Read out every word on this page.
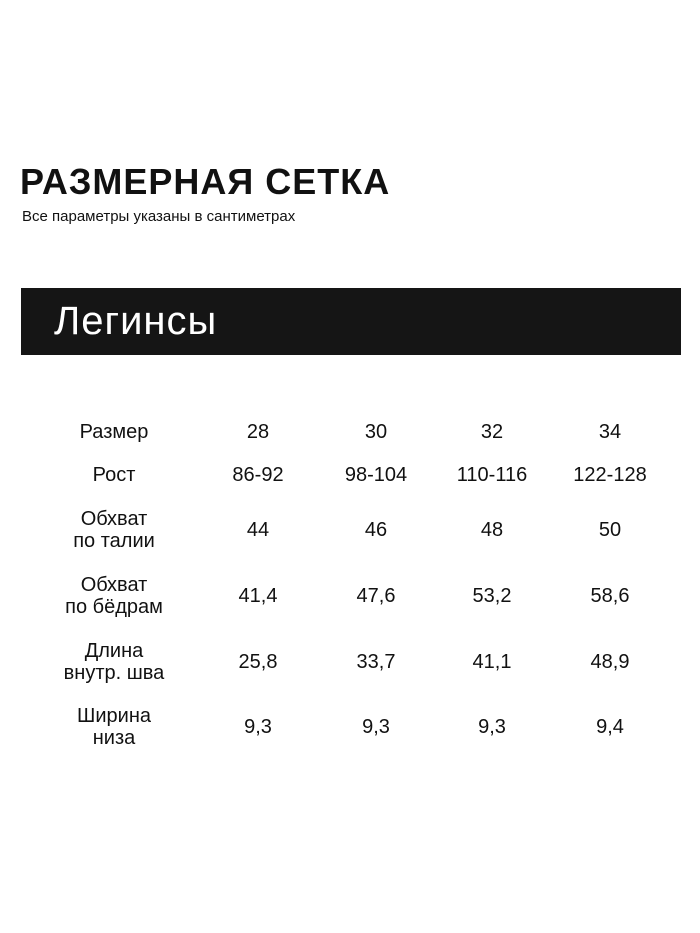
РАЗМЕРНАЯ СЕТКА
Все параметры указаны в сантиметрах
Легинсы
Размер	28	30	32	34
Рост	86-92	98-104	110-116	122-128
Обхват
по талии	44	46	48	50
Обхват
по бёдрам	41,4	47,6	53,2	58,6
Длина
внутр. шва	25,8	33,7	41,1	48,9
Ширина
низа	9,3	9,3	9,3	9,4
